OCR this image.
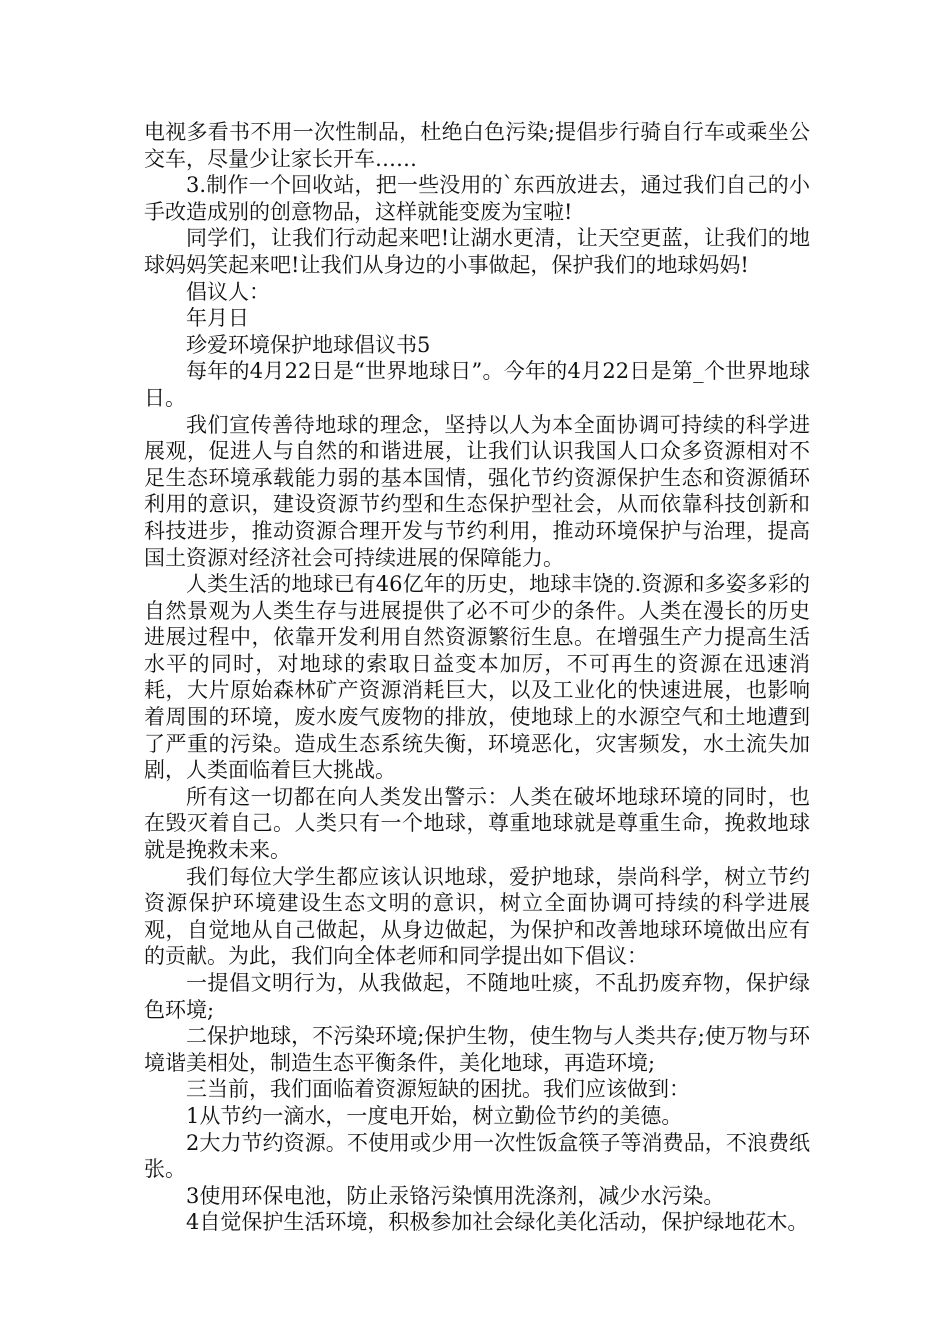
电视多看书不用一次性制品，杜绝白色污染;提倡步行骑自行车或乘坐公交车，尽量少让家长开车……

3.制作一个回收站，把一些没用的`东西放进去，通过我们自己的小手改造成别的创意物品，这样就能变废为宝啦!

同学们，让我们行动起来吧!让湖水更清，让天空更蓝，让我们的地球妈妈笑起来吧!让我们从身边的小事做起，保护我们的地球妈妈!

倡议人：

年月日

珍爱环境保护地球倡议书5

每年的4月22日是“世界地球日”。今年的4月22日是第_个世界地球日。

我们宣传善待地球的理念，坚持以人为本全面协调可持续的科学进展观，促进人与自然的和谐进展，让我们认识我国人口众多资源相对不足生态环境承载能力弱的基本国情，强化节约资源保护生态和资源循环利用的意识，建设资源节约型和生态保护型社会，从而依靠科技创新和科技进步，推动资源合理开发与节约利用，推动环境保护与治理，提高国土资源对经济社会可持续进展的保障能力。

人类生活的地球已有46亿年的历史，地球丰饶的.资源和多姿多彩的自然景观为人类生存与进展提供了必不可少的条件。人类在漫长的历史进展过程中，依靠开发利用自然资源繁衍生息。在增强生产力提高生活水平的同时，对地球的索取日益变本加厉，不可再生的资源在迅速消耗，大片原始森林矿产资源消耗巨大，以及工业化的快速进展，也影响着周围的环境，废水废气废物的排放，使地球上的水源空气和土地遭到了严重的污染。造成生态系统失衡，环境恶化，灾害频发，水土流失加剧，人类面临着巨大挑战。

所有这一切都在向人类发出警示：人类在破坏地球环境的同时，也在毁灭着自己。人类只有一个地球，尊重地球就是尊重生命，挽救地球就是挽救未来。

我们每位大学生都应该认识地球，爱护地球，崇尚科学，树立节约资源保护环境建设生态文明的意识，树立全面协调可持续的科学进展观，自觉地从自己做起，从身边做起，为保护和改善地球环境做出应有的贡献。为此，我们向全体老师和同学提出如下倡议：

一提倡文明行为，从我做起，不随地吐痰，不乱扔废弃物，保护绿色环境;

二保护地球，不污染环境;保护生物，使生物与人类共存;使万物与环境谐美相处，制造生态平衡条件，美化地球，再造环境;

三当前，我们面临着资源短缺的困扰。我们应该做到：

1从节约一滴水，一度电开始，树立勤俭节约的美德。

2大力节约资源。不使用或少用一次性饭盒筷子等消费品，不浪费纸张。

3使用环保电池，防止汞铬污染慎用洗涤剂，减少水污染。

4自觉保护生活环境，积极参加社会绿化美化活动，保护绿地花木。
